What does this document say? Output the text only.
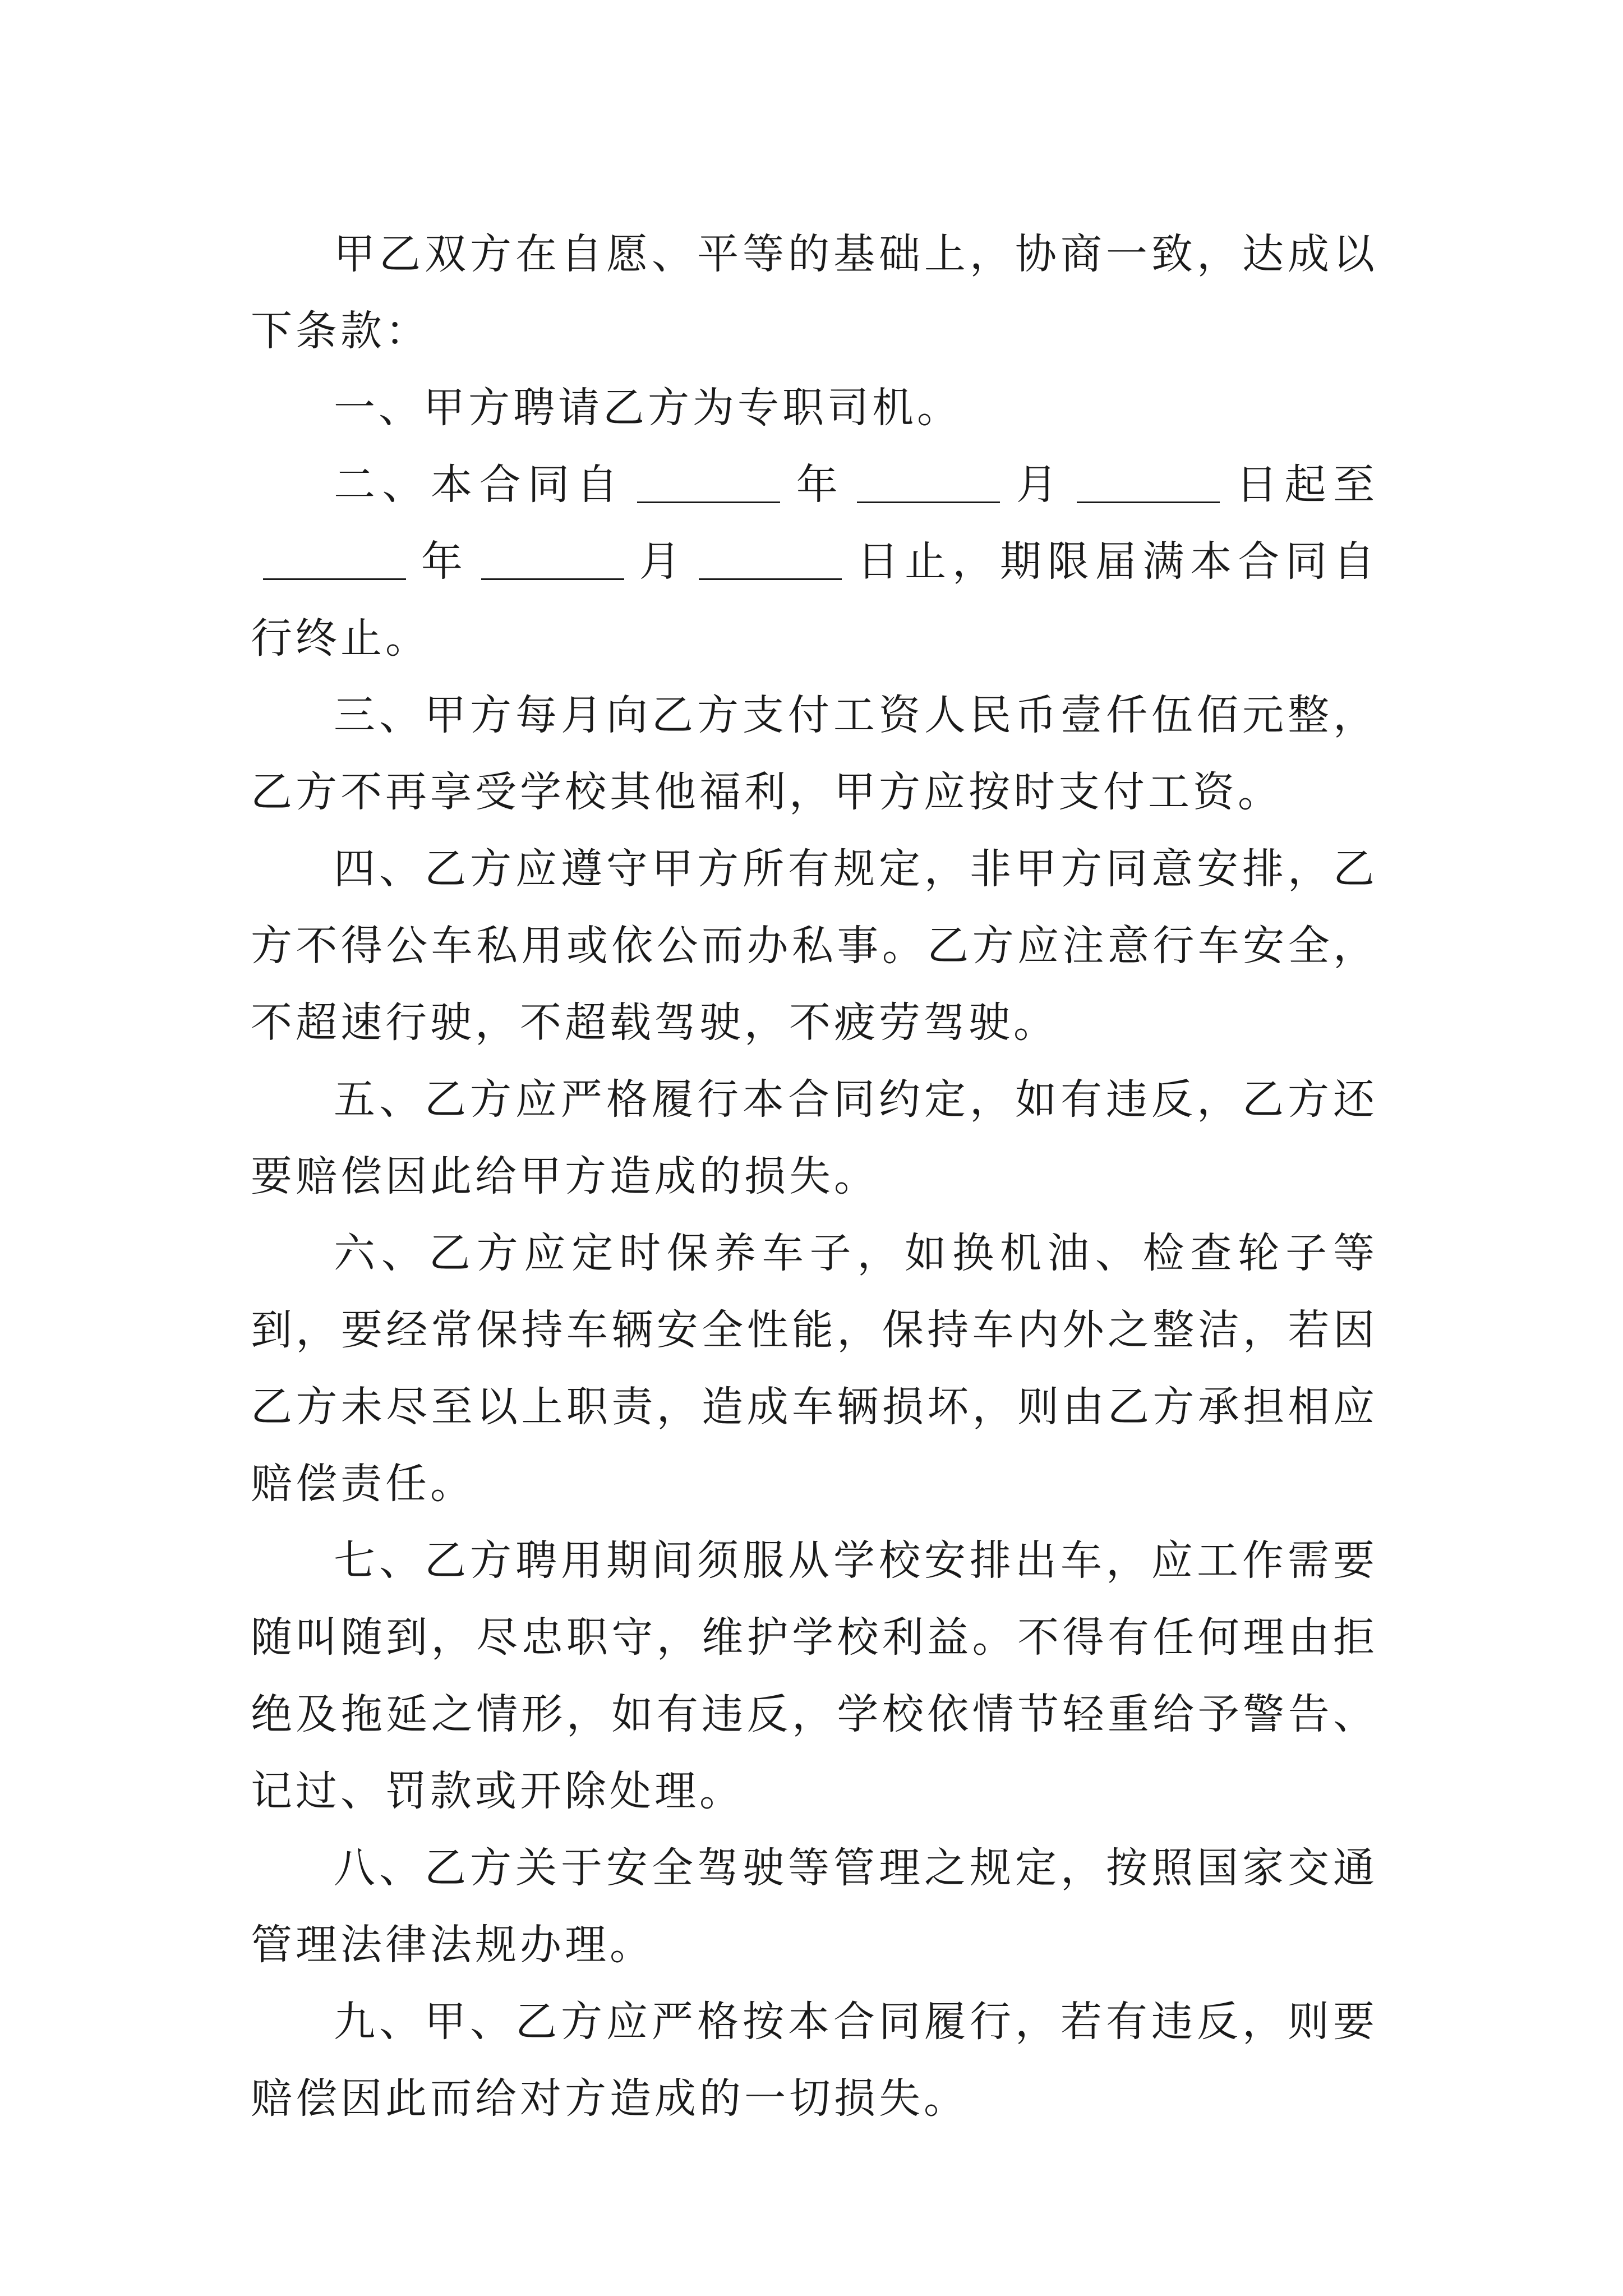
甲乙双方在自愿、平等的基础上，协商一致，达成以下条款：

一、甲方聘请乙方为专职司机。

二、本合同自	年	月	日起至年	月	日止，期限届满本合同自行终止。

三、甲方每月向乙方支付工资人民币壹仟伍佰元整，乙方不再享受学校其他福利，甲方应按时支付工资。

四、乙方应遵守甲方所有规定，非甲方同意安排，乙方不得公车私用或依公而办私事。乙方应注意行车安全，不超速行驶，不超载驾驶，不疲劳驾驶。

五、乙方应严格履行本合同约定，如有违反，乙方还要赔偿因此给甲方造成的损失。

六、乙方应定时保养车子，如换机油、检查轮子等到，要经常保持车辆安全性能，保持车内外之整洁，若因乙方未尽至以上职责，造成车辆损坏，则由乙方承担相应赔偿责任。

七、乙方聘用期间须服从学校安排出车，应工作需要随叫随到，尽忠职守，维护学校利益。不得有任何理由拒绝及拖延之情形，如有违反，学校依情节轻重给予警告、记过、罚款或开除处理。

八、乙方关于安全驾驶等管理之规定，按照国家交通管理法律法规办理。

九、甲、乙方应严格按本合同履行，若有违反，则要赔偿因此而给对方造成的一切损失。
